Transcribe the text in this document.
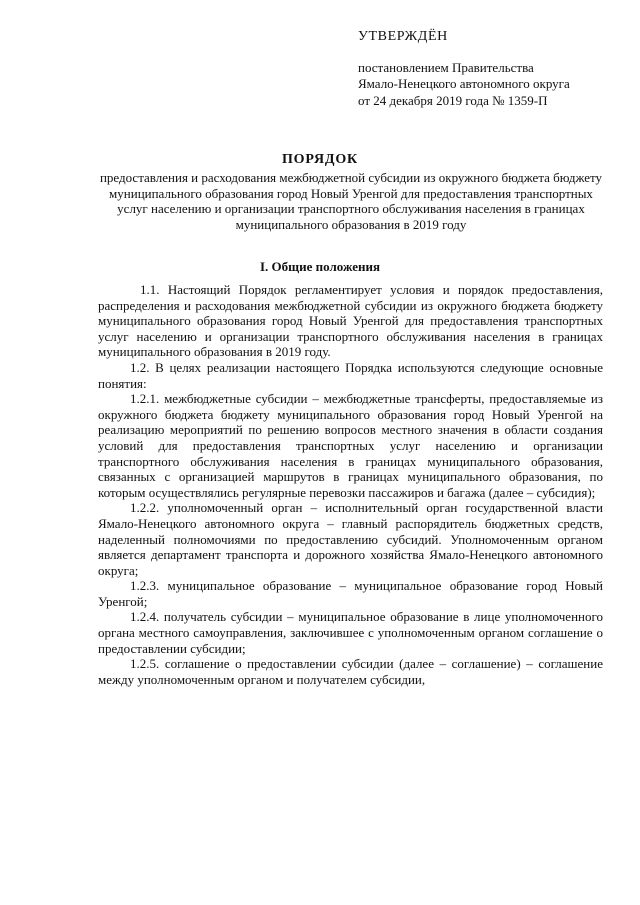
УТВЕРЖДЁН
постановлением Правительства
Ямало-Ненецкого автономного округа
от 24 декабря 2019 года № 1359-П
ПОРЯДОК
предоставления и расходования межбюджетной субсидии из окружного бюджета бюджету муниципального образования город Новый Уренгой для предоставления транспортных услуг населению и организации транспортного обслуживания населения в границах муниципального образования в 2019 году
I. Общие положения

1.1. Настоящий Порядок регламентирует условия и порядок предоставления, распределения и расходования межбюджетной субсидии из окружного бюджета бюджету муниципального образования город Новый Уренгой для предоставления транспортных услуг населению и организации транспортного обслуживания населения в границах муниципального образования в 2019 году.

1.2. В целях реализации настоящего Порядка используются следующие основные понятия:

1.2.1. межбюджетные субсидии – межбюджетные трансферты, предоставляемые из окружного бюджета бюджету муниципального образования город Новый Уренгой на реализацию мероприятий по решению вопросов местного значения в области создания условий для предоставления транспортных услуг населению и организации транспортного обслуживания населения в границах муниципального образования, связанных с организацией маршрутов в границах муниципального образования, по которым осуществлялись регулярные перевозки пассажиров и багажа (далее – субсидия);

1.2.2. уполномоченный орган – исполнительный орган государственной власти Ямало-Ненецкого автономного округа – главный распорядитель бюджетных средств, наделенный полномочиями по предоставлению субсидий. Уполномоченным органом является департамент транспорта и дорожного хозяйства Ямало-Ненецкого автономного округа;

1.2.3. муниципальное образование – муниципальное образование город Новый Уренгой;

1.2.4. получатель субсидии – муниципальное образование в лице уполномоченного органа местного самоуправления, заключившее с уполномоченным органом соглашение о предоставлении субсидии;

1.2.5. соглашение о предоставлении субсидии (далее – соглашение) – соглашение между уполномоченным органом и получателем субсидии,
